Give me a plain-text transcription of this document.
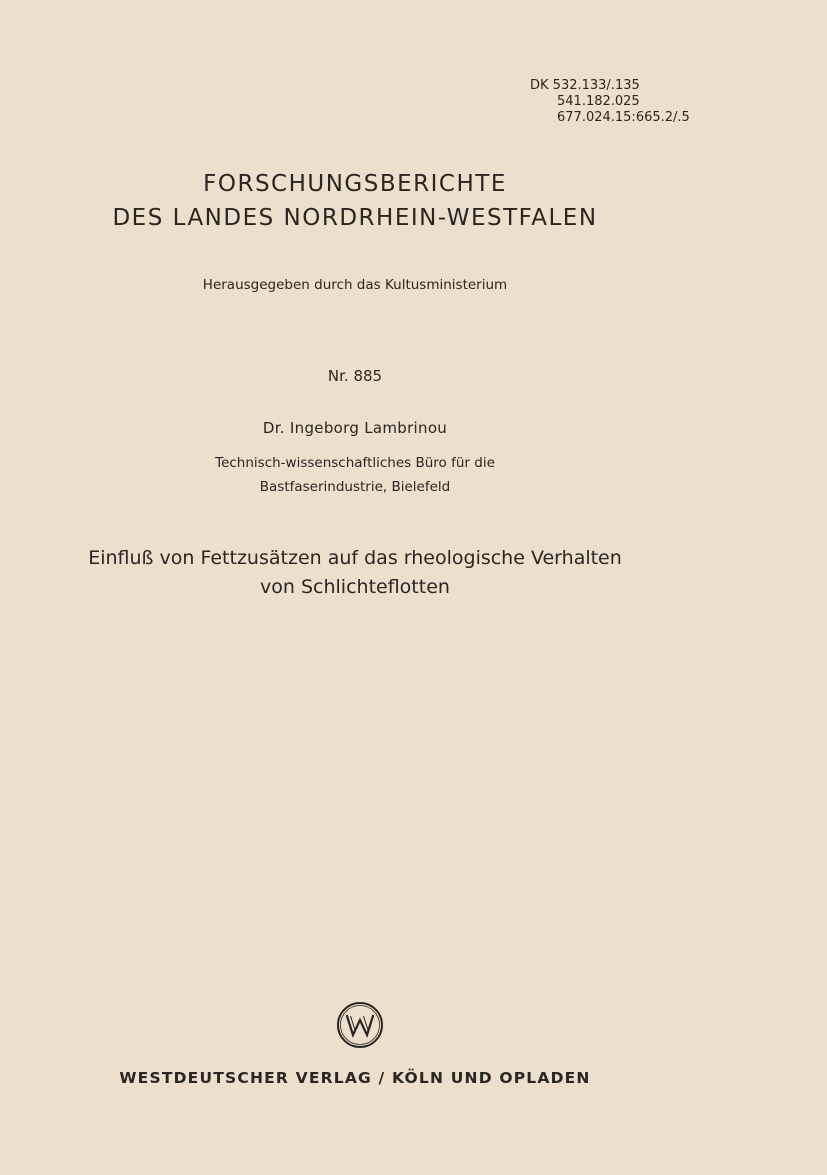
DK 532.133/.135
541.182.025
677.024.15:665.2/.5
FORSCHUNGSBERICHTE
DES LANDES NORDRHEIN-WESTFALEN
Herausgegeben durch das Kultusministerium
Nr. 885
Dr. Ingeborg Lambrinou
Technisch-wissenschaftliches Büro für die
Bastfaserindustrie, Bielefeld
Einfluß von Fettzusätzen auf das rheologische Verhalten
von Schlichteflotten
WESTDEUTSCHER VERLAG / KÖLN UND OPLADEN
